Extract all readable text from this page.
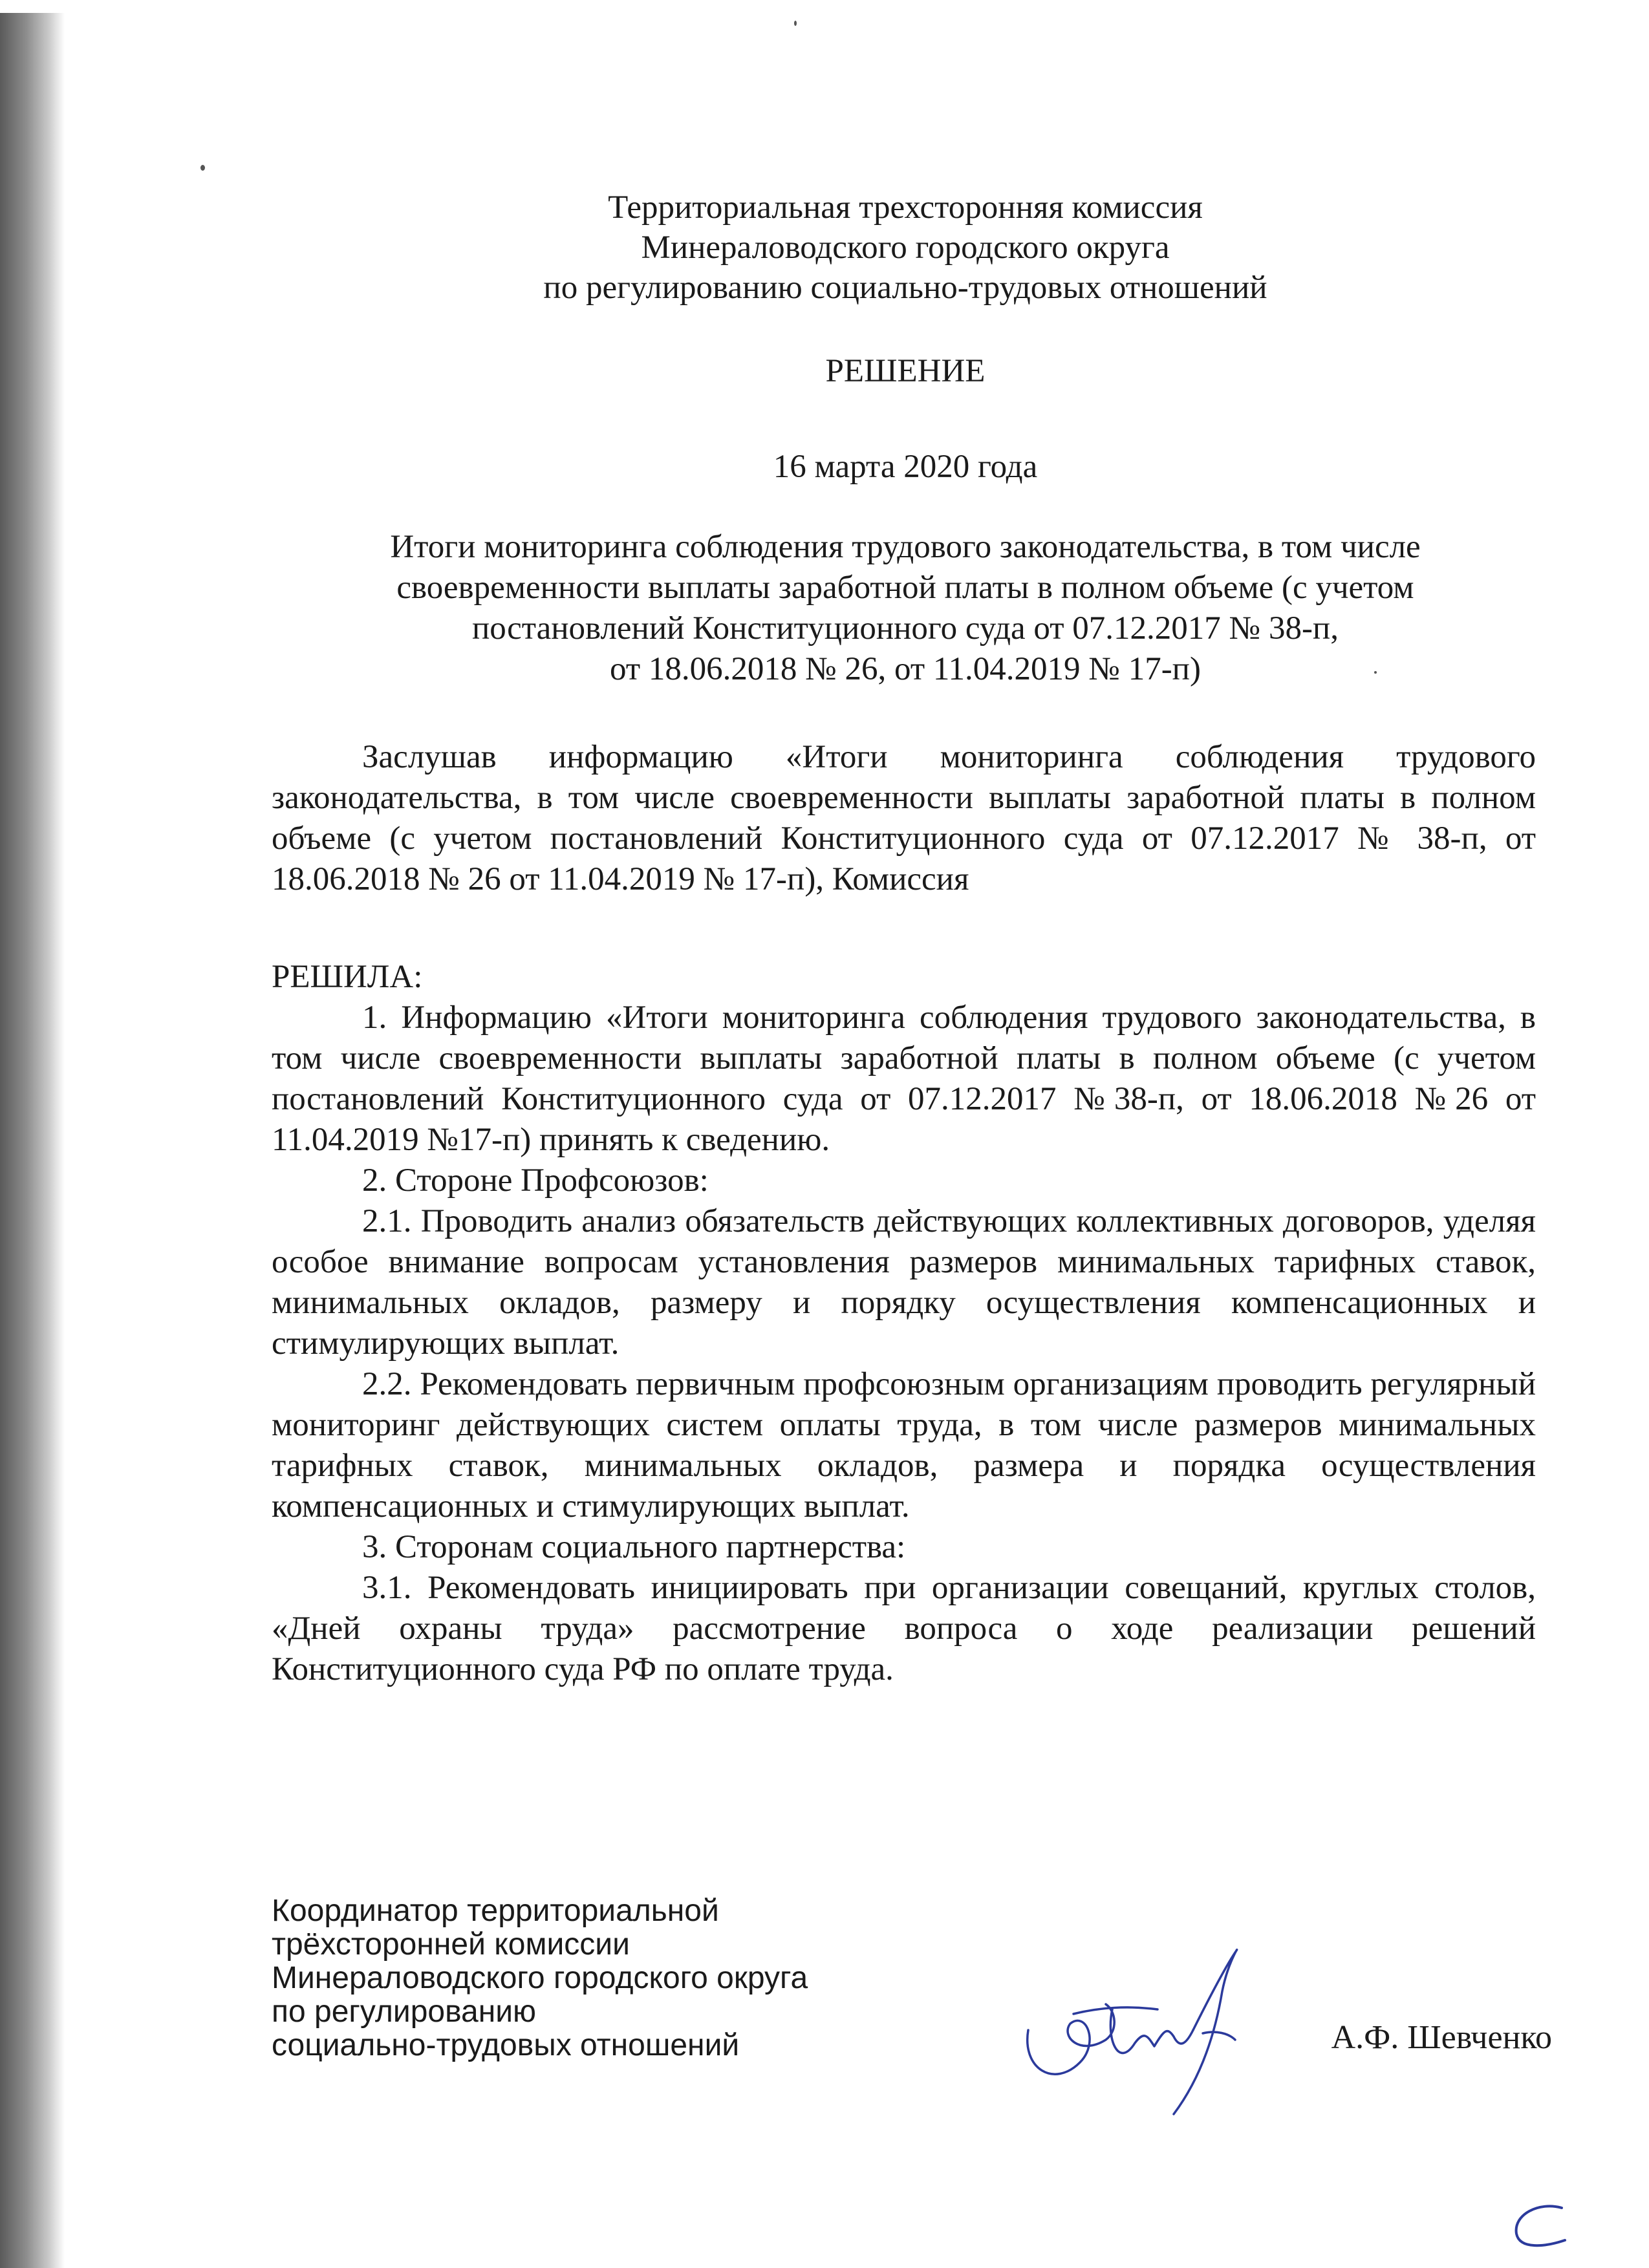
Территориальная трехсторонняя комиссия
Минераловодского городского округа
по регулированию социально-трудовых отношений
РЕШЕНИЕ
16 марта 2020 года
Итоги мониторинга соблюдения трудового законодательства, в том числе
своевременности выплаты заработной платы в полном объеме (с учетом
постановлений Конституционного суда от 07.12.2017 № 38-п,
от 18.06.2018 № 26, от 11.04.2019 № 17-п)

Заслушав информацию «Итоги мониторинга соблюдения трудового законодательства, в том числе своевременности выплаты заработной платы в полном объеме (с учетом постановлений Конституционного суда от 07.12.2017 № 38-п, от 18.06.2018 № 26 от 11.04.2019 № 17-п), Комиссия

РЕШИЛА:

1. Информацию «Итоги мониторинга соблюдения трудового законодательства, в том числе своевременности выплаты заработной платы в полном объеме (с учетом постановлений Конституционного суда от 07.12.2017 №38-п, от 18.06.2018 №26 от 11.04.2019 №17-п) принять к сведению.

2. Стороне Профсоюзов:

2.1. Проводить анализ обязательств действующих коллективных договоров, уделяя особое внимание вопросам установления размеров минимальных тарифных ставок, минимальных окладов, размеру и порядку осуществления компенсационных и стимулирующих выплат.

2.2. Рекомендовать первичным профсоюзным организациям проводить регулярный мониторинг действующих систем оплаты труда, в том числе размеров минимальных тарифных ставок, минимальных окладов, размера и порядка осуществления компенсационных и стимулирующих выплат.

3. Сторонам социального партнерства:

3.1. Рекомендовать инициировать при организации совещаний, круглых столов, «Дней охраны труда» рассмотрение вопроса о ходе реализации решений Конституционного суда РФ по оплате труда.

Координатор территориальной
трёхсторонней комиссии
Минераловодского городского округа
по регулированию
социально-трудовых отношений	А.Ф. Шевченко
